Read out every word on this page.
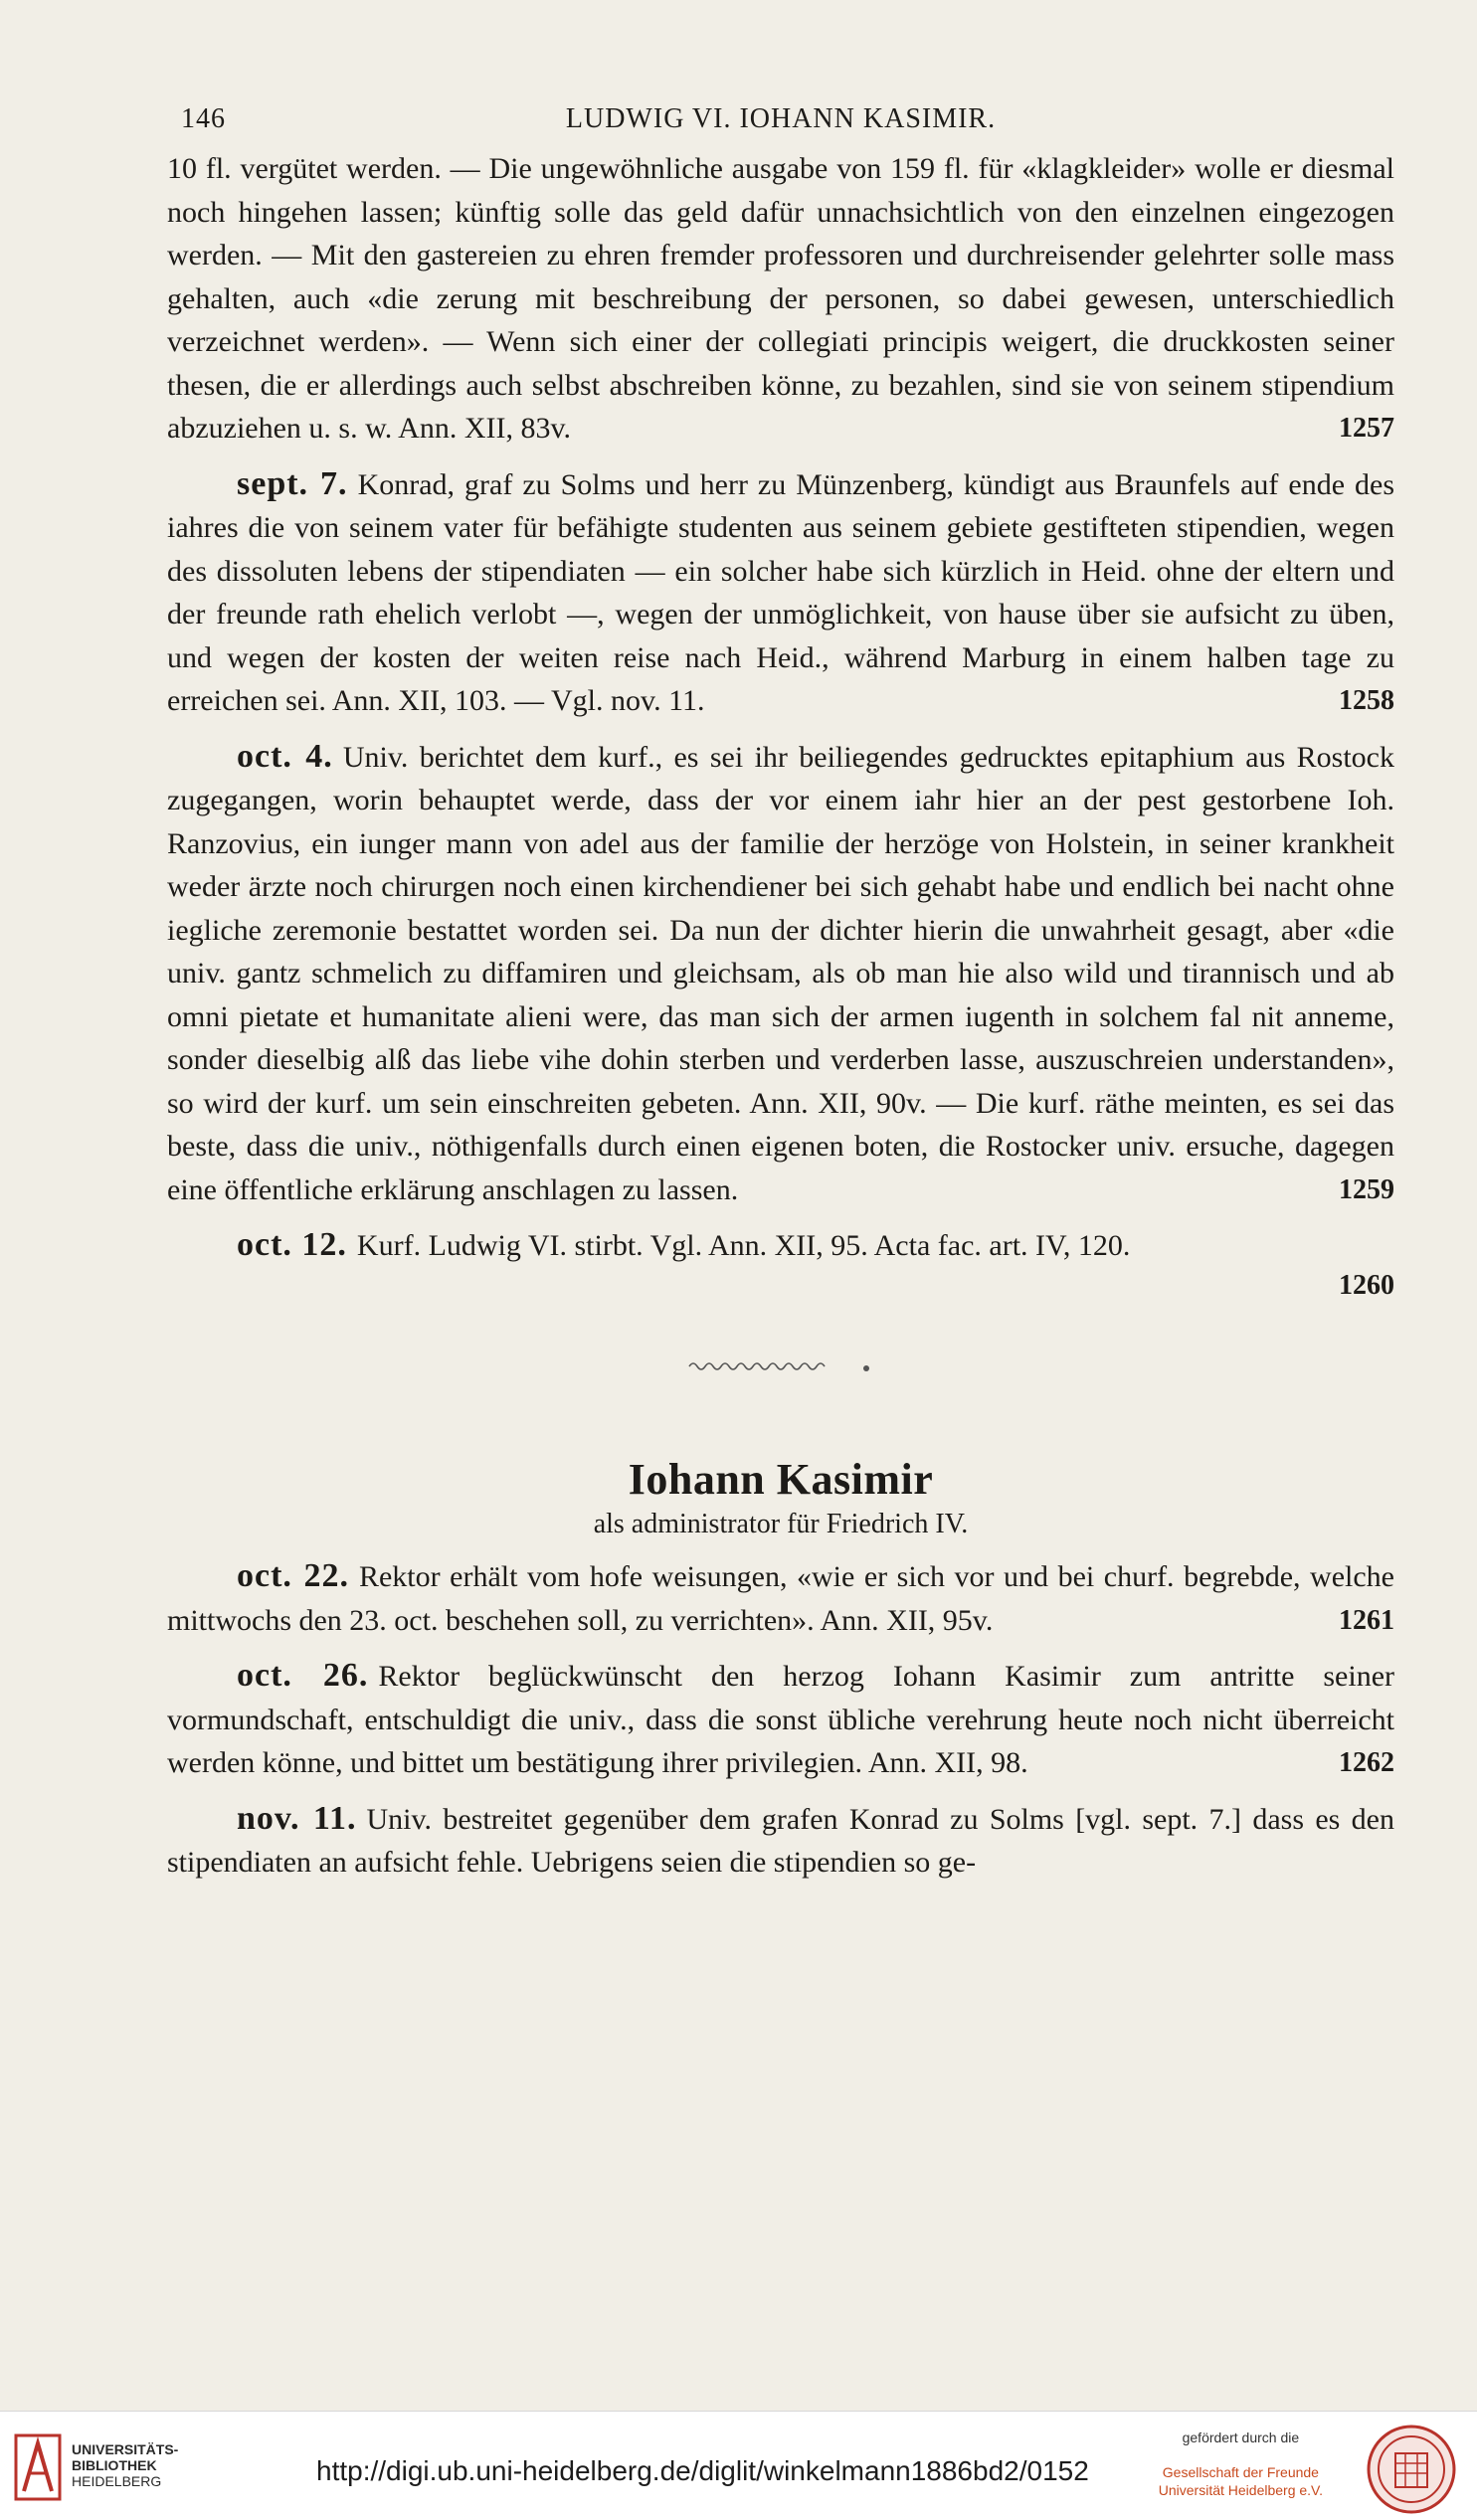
146	LUDWIG VI. IOHANN KASIMIR.

10 fl. vergütet werden. — Die ungewöhnliche ausgabe von 159 fl. für «klagkleider» wolle er diesmal noch hingehen lassen; künftig solle das geld dafür unnachsichtlich von den einzelnen eingezogen werden. — Mit den gastereien zu ehren fremder professoren und durchreisender gelehrter solle mass gehalten, auch «die zerung mit beschreibung der personen, so dabei gewesen, unterschiedlich verzeichnet werden». — Wenn sich einer der collegiati principis weigert, die druckkosten seiner thesen, die er allerdings auch selbst abschreiben könne, zu bezahlen, sind sie von seinem stipendium abzuziehen u. s. w. Ann. XII, 83v.	1257

sept. 7. Konrad, graf zu Solms und herr zu Münzenberg, kündigt aus Braunfels auf ende des iahres die von seinem vater für befähigte studenten aus seinem gebiete gestifteten stipendien, wegen des dissoluten lebens der stipendiaten — ein solcher habe sich kürzlich in Heid. ohne der eltern und der freunde rath ehelich verlobt —, wegen der unmöglichkeit, von hause über sie aufsicht zu üben, und wegen der kosten der weiten reise nach Heid., während Marburg in einem halben tage zu erreichen sei. Ann. XII, 103. — Vgl. nov. 11.	1258

oct. 4. Univ. berichtet dem kurf., es sei ihr beiliegendes gedrucktes epitaphium aus Rostock zugegangen, worin behauptet werde, dass der vor einem iahr hier an der pest gestorbene Ioh. Ranzovius, ein iunger mann von adel aus der familie der herzöge von Holstein, in seiner krankheit weder ärzte noch chirurgen noch einen kirchendiener bei sich gehabt habe und endlich bei nacht ohne iegliche zeremonie bestattet worden sei. Da nun der dichter hierin die unwahrheit gesagt, aber «die univ. gantz schmelich zu diffamiren und gleichsam, als ob man hie also wild und tirannisch und ab omni pietate et humanitate alieni were, das man sich der armen iugenth in solchem fal nit anneme, sonder dieselbig alß das liebe vihe dohin sterben und verderben lasse, auszuschreien understanden», so wird der kurf. um sein einschreiten gebeten. Ann. XII, 90v. — Die kurf. räthe meinten, es sei das beste, dass die univ., nöthigenfalls durch einen eigenen boten, die Rostocker univ. ersuche, dagegen eine öffentliche erklärung anschlagen zu lassen.	1259

oct. 12. Kurf. Ludwig VI. stirbt. Vgl. Ann. XII, 95. Acta fac. art. IV, 120.
1260

Iohann Kasimir
als administrator für Friedrich IV.

oct. 22. Rektor erhält vom hofe weisungen, «wie er sich vor und bei churf. begrebde, welche mittwochs den 23. oct. beschehen soll, zu verrichten». Ann. XII, 95v.	1261

oct. 26. Rektor beglückwünscht den herzog Iohann Kasimir zum antritte seiner vormundschaft, entschuldigt die univ., dass die sonst übliche verehrung heute noch nicht überreicht werden könne, und bittet um bestätigung ihrer privilegien. Ann. XII, 98.	1262

nov. 11. Univ. bestreitet gegenüber dem grafen Konrad zu Solms [vgl. sept. 7.] dass es den stipendiaten an aufsicht fehle. Uebrigens seien die stipendien so ge-

UNIVERSITÄTS-
BIBLIOTHEK
HEIDELBERG	http://digi.ub.uni-heidelberg.de/diglit/winkelmann1886bd2/0152
gefördert durch die
Gesellschaft der Freunde
Universität Heidelberg e.V.
